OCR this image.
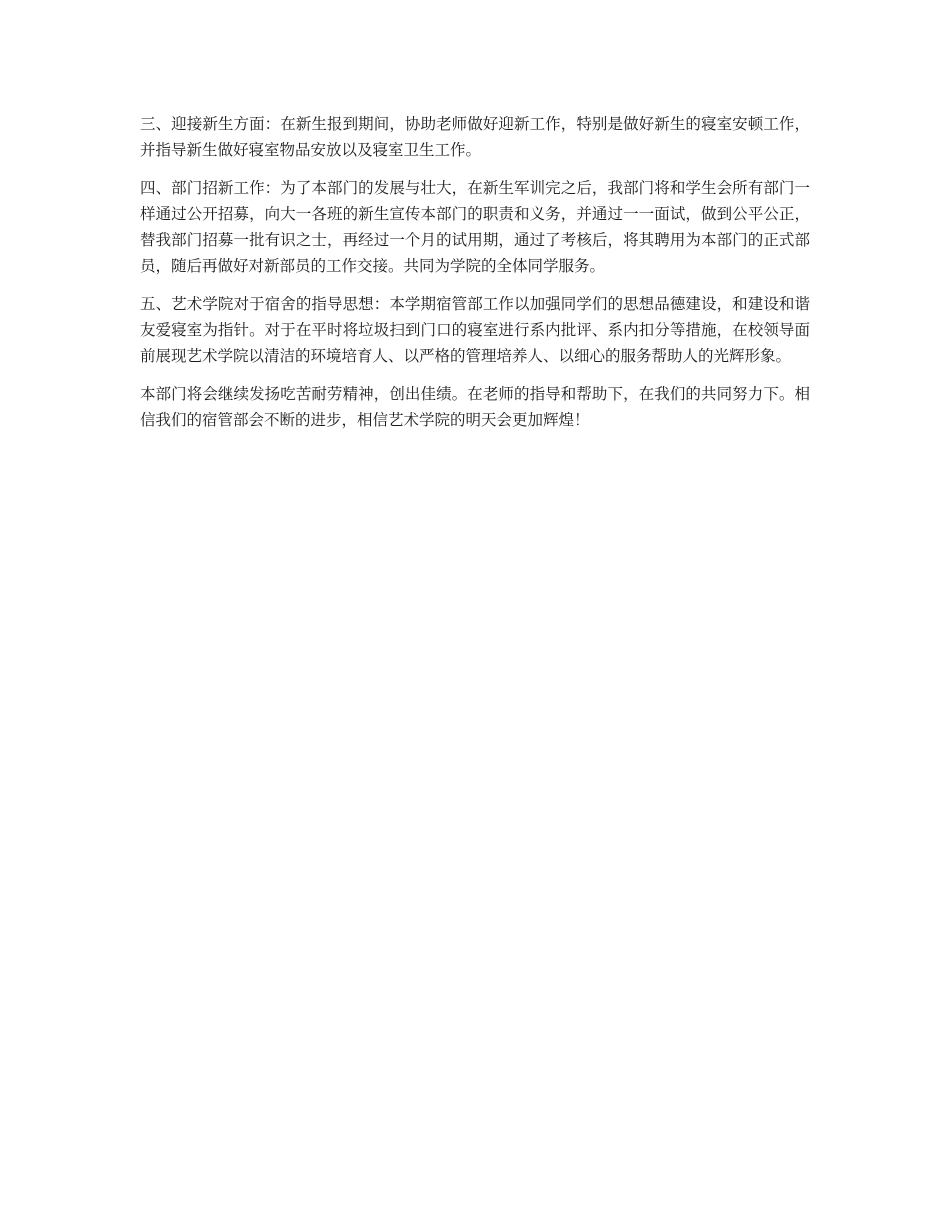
三、迎接新生方面：在新生报到期间，协助老师做好迎新工作，特别是做好新生的寝室安顿工作，并指导新生做好寝室物品安放以及寝室卫生工作。

四、部门招新工作：为了本部门的发展与壮大，在新生军训完之后，我部门将和学生会所有部门一样通过公开招募，向大一各班的新生宣传本部门的职责和义务，并通过一一面试，做到公平公正，替我部门招募一批有识之士，再经过一个月的试用期，通过了考核后，将其聘用为本部门的正式部员，随后再做好对新部员的工作交接。共同为学院的全体同学服务。

五、艺术学院对于宿舍的指导思想：本学期宿管部工作以加强同学们的思想品德建设，和建设和谐友爱寝室为指针。对于在平时将垃圾扫到门口的寝室进行系内批评、系内扣分等措施，在校领导面前展现艺术学院以清洁的环境培育人、以严格的管理培养人、以细心的服务帮助人的光辉形象。

本部门将会继续发扬吃苦耐劳精神，创出佳绩。在老师的指导和帮助下，在我们的共同努力下。相信我们的宿管部会不断的进步，相信艺术学院的明天会更加辉煌！
